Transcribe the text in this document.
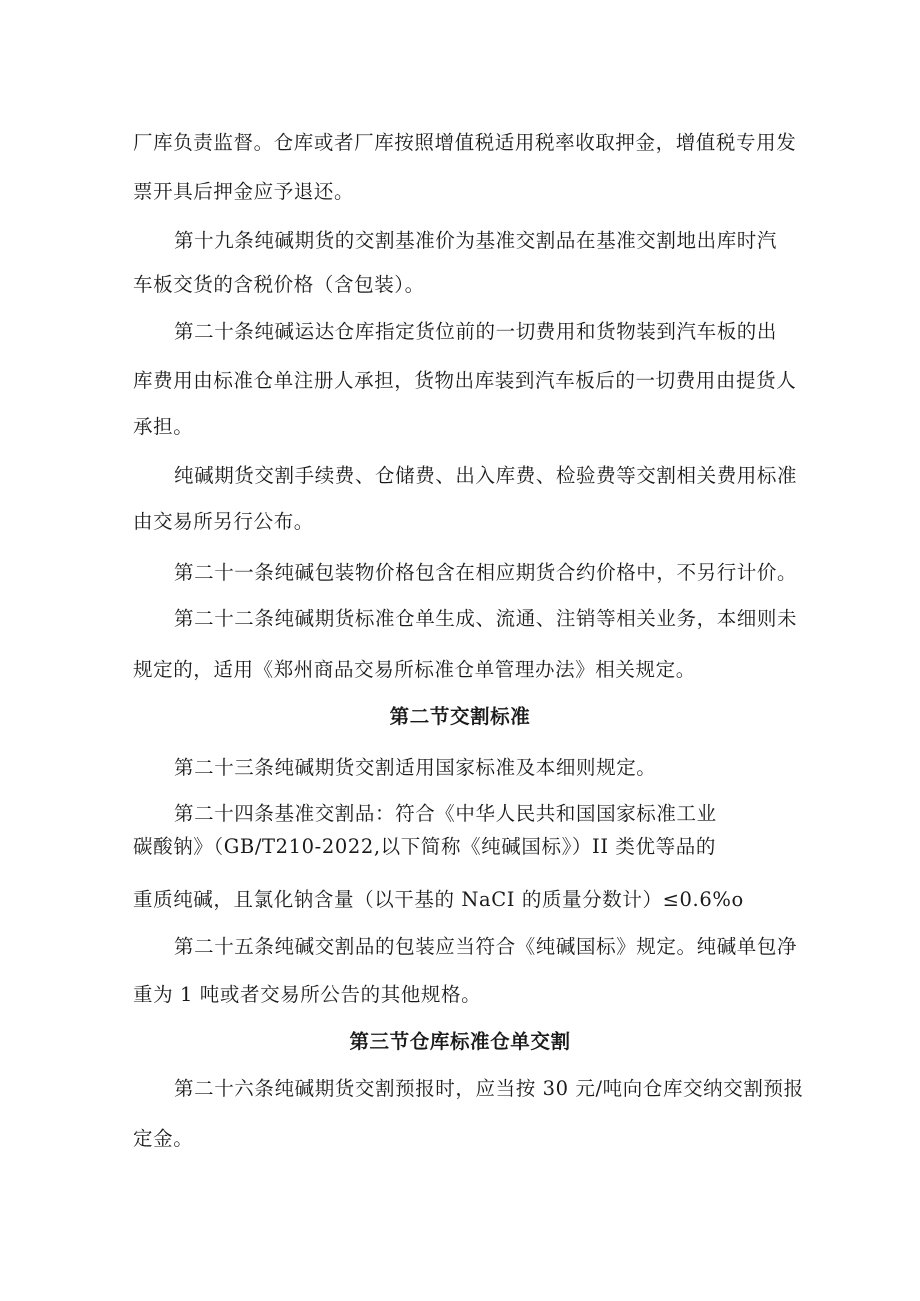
厂库负责监督。仓库或者厂库按照增值税适用税率收取押金，增值税专用发
票开具后押金应予退还。
第十九条纯碱期货的交割基准价为基准交割品在基准交割地出库时汽
车板交货的含税价格（含包装）。
第二十条纯碱运达仓库指定货位前的一切费用和货物装到汽车板的出
库费用由标准仓单注册人承担，货物出库装到汽车板后的一切费用由提货人
承担。
纯碱期货交割手续费、仓储费、出入库费、检验费等交割相关费用标准
由交易所另行公布。
第二十一条纯碱包装物价格包含在相应期货合约价格中，不另行计价。
第二十二条纯碱期货标准仓单生成、流通、注销等相关业务，本细则未
规定的，适用《郑州商品交易所标准仓单管理办法》相关规定。
第二节交割标准
第二十三条纯碱期货交割适用国家标准及本细则规定。
第二十四条基准交割品：符合《中华人民共和国国家标准工业
碳酸钠》（GB/T210-2022,以下简称《纯碱国标》）II 类优等品的
重质纯碱，且氯化钠含量（以干基的 NaCI 的质量分数计）≤0.6%o
第二十五条纯碱交割品的包装应当符合《纯碱国标》规定。纯碱单包净
重为 1 吨或者交易所公告的其他规格。
第三节仓库标准仓单交割
第二十六条纯碱期货交割预报时，应当按 30 元/吨向仓库交纳交割预报
定金。
